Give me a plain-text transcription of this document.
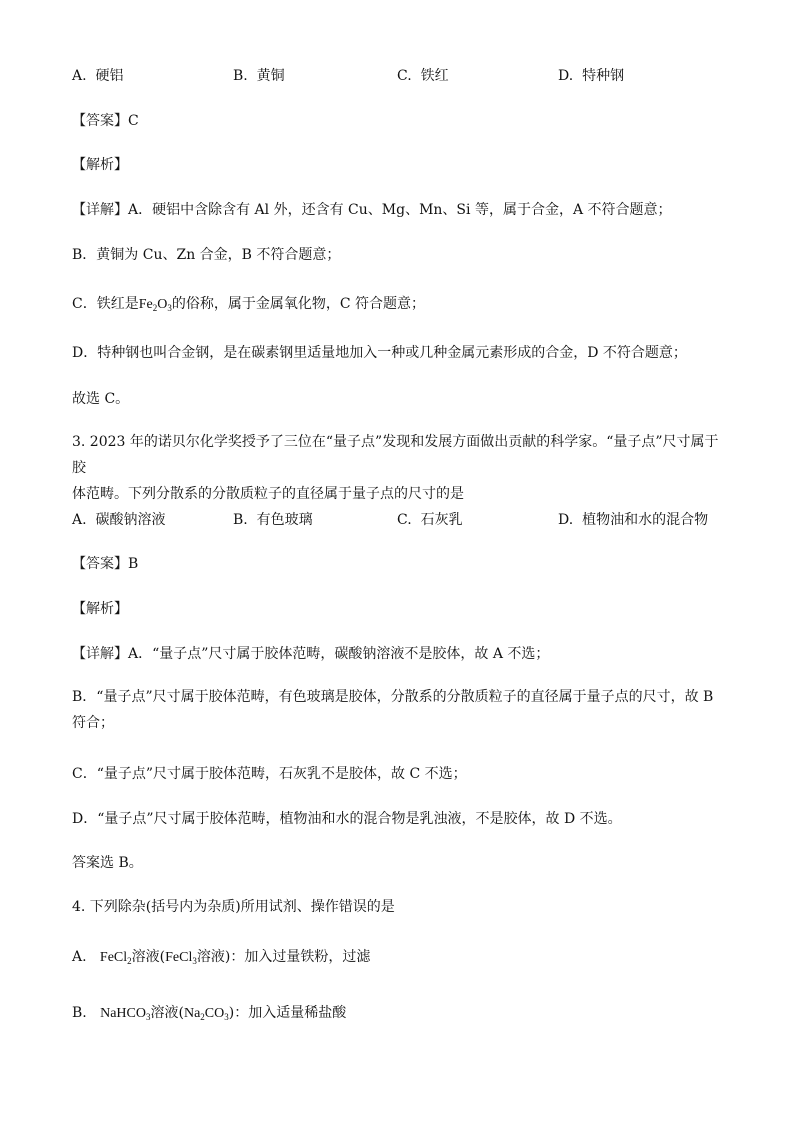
A. 硬铝	B. 黄铜	C. 铁红	D. 特种钢
【答案】C
【解析】
【详解】A．硬铝中含除含有 Al 外，还含有 Cu、Mg、Mn、Si 等，属于合金，A 不符合题意；
B．黄铜为 Cu、Zn 合金，B 不符合题意；
C．铁红是$Fe_2O_3$的俗称，属于金属氧化物，C 符合题意；
D．特种钢也叫合金钢，是在碳素钢里适量地加入一种或几种金属元素形成的合金，D 不符合题意；
故选 C。
3. 2023 年的诺贝尔化学奖授予了三位在“量子点”发现和发展方面做出贡献的科学家。“量子点”尺寸属于胶
体范畴。下列分散系的分散质粒子的直径属于量子点的尺寸的是
A. 碳酸钠溶液	B. 有色玻璃	C. 石灰乳	D. 植物油和水的混合物
【答案】B
【解析】
【详解】A．“量子点”尺寸属于胶体范畴，碳酸钠溶液不是胶体，故 A 不选；
B．“量子点”尺寸属于胶体范畴，有色玻璃是胶体，分散系的分散质粒子的直径属于量子点的尺寸，故 B
符合；
C．“量子点”尺寸属于胶体范畴，石灰乳不是胶体，故 C 不选；
D．“量子点”尺寸属于胶体范畴，植物油和水的混合物是乳浊液，不是胶体，故 D 不选。
答案选 B。
4. 下列除杂(括号内为杂质)所用试剂、操作错误的是
A. FeCl$_2$溶液(FeCl$_3$溶液)：加入过量铁粉，过滤
B. NaHCO$_3$溶液$(Na_2CO_3)$：加入适量稀盐酸
